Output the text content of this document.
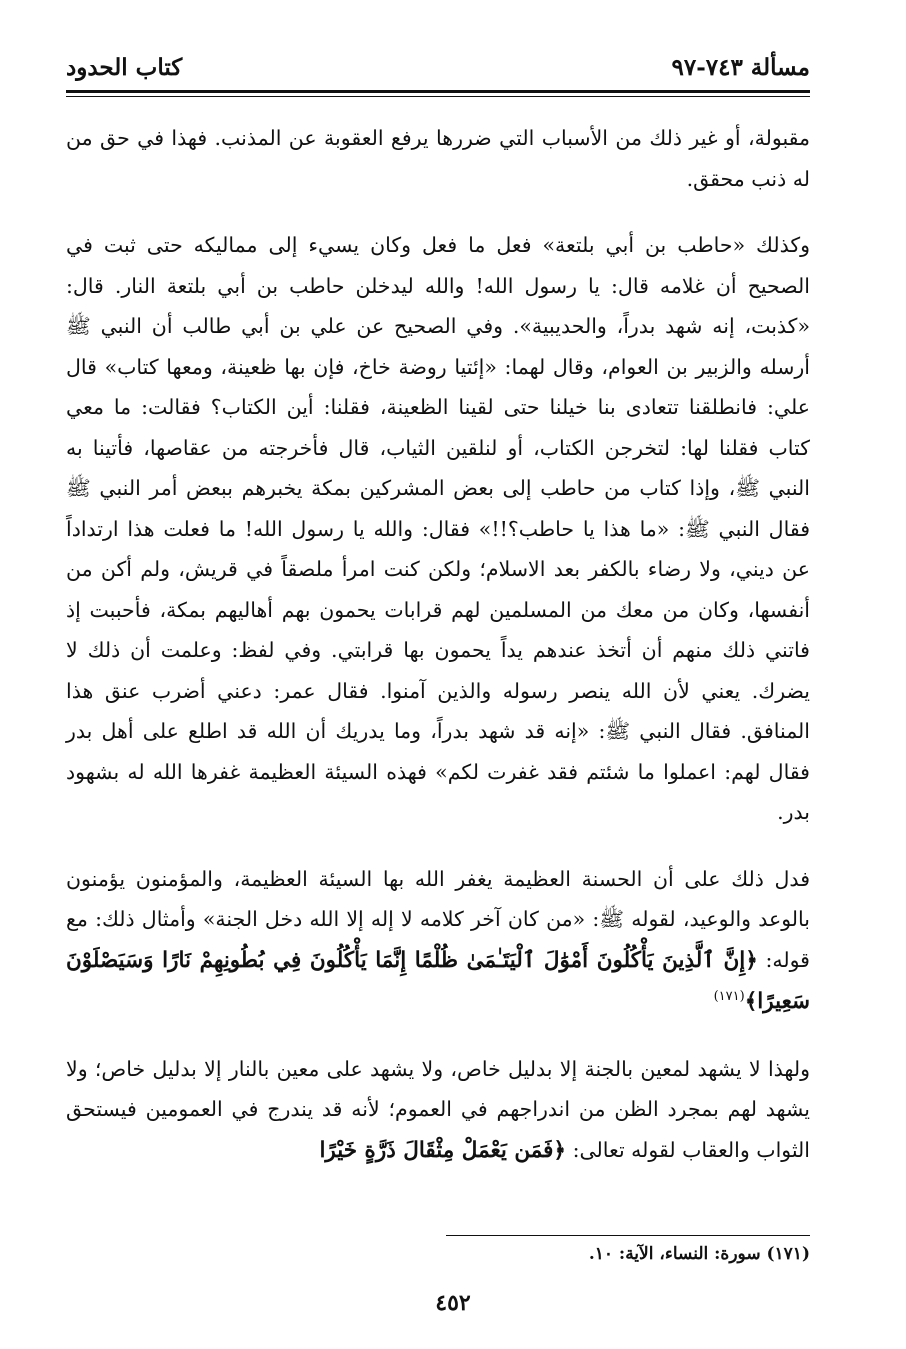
مسألة ٧٤٣-٩٧
كتاب الحدود

مقبولة، أو غير ذلك من الأسباب التي ضررها يرفع العقوبة عن المذنب. فهذا في حق من له ذنب محقق.

وكذلك «حاطب بن أبي بلتعة» فعل ما فعل وكان يسيء إلى مماليكه حتى ثبت في الصحيح أن غلامه قال: يا رسول الله! والله ليدخلن حاطب بن أبي بلتعة النار. قال: «كذبت، إنه شهد بدراً، والحديبية». وفي الصحيح عن علي بن أبي طالب أن النبي ﷺ أرسله والزبير بن العوام، وقال لهما: «إئتيا روضة خاخ، فإن بها ظعينة، ومعها كتاب» قال علي: فانطلقنا تتعادى بنا خيلنا حتى لقينا الظعينة، فقلنا: أين الكتاب؟ فقالت: ما معي كتاب فقلنا لها: لتخرجن الكتاب، أو لنلقين الثياب، قال فأخرجته من عقاصها، فأتينا به النبي ﷺ، وإذا كتاب من حاطب إلى بعض المشركين بمكة يخبرهم ببعض أمر النبي ﷺ فقال النبي ﷺ: «ما هذا يا حاطب؟!!» فقال: والله يا رسول الله! ما فعلت هذا ارتداداً عن ديني، ولا رضاء بالكفر بعد الاسلام؛ ولكن كنت امرأ ملصقاً في قريش، ولم أكن من أنفسها، وكان من معك من المسلمين لهم قرابات يحمون بهم أهاليهم بمكة، فأحببت إذ فاتني ذلك منهم أن أتخذ عندهم يداً يحمون بها قرابتي. وفي لفظ: وعلمت أن ذلك لا يضرك. يعني لأن الله ينصر رسوله والذين آمنوا. فقال عمر: دعني أضرب عنق هذا المنافق. فقال النبي ﷺ: «إنه قد شهد بدراً، وما يدريك أن الله قد اطلع على أهل بدر فقال لهم: اعملوا ما شئتم فقد غفرت لكم» فهذه السيئة العظيمة غفرها الله له بشهود بدر.

فدل ذلك على أن الحسنة العظيمة يغفر الله بها السيئة العظيمة، والمؤمنون يؤمنون بالوعد والوعيد، لقوله ﷺ: «من كان آخر كلامه لا إله إلا الله دخل الجنة» وأمثال ذلك: مع قوله: ﴿إِنَّ ٱلَّذِينَ يَأْكُلُونَ أَمْوَٰلَ ٱلْيَتَـٰمَىٰ ظُلْمًا إِنَّمَا يَأْكُلُونَ فِي بُطُونِهِمْ نَارًا وَسَيَصْلَوْنَ سَعِيرًا﴾$^{(١٧١)}$

ولهذا لا يشهد لمعين بالجنة إلا بدليل خاص، ولا يشهد على معين بالنار إلا بدليل خاص؛ ولا يشهد لهم بمجرد الظن من اندراجهم في العموم؛ لأنه قد يندرج في العمومين فيستحق الثواب والعقاب لقوله تعالى: ﴿فَمَن يَعْمَلْ مِثْقَالَ ذَرَّةٍ خَيْرًا

(١٧١) سورة: النساء، الآية: ١٠.
٤٥٢
